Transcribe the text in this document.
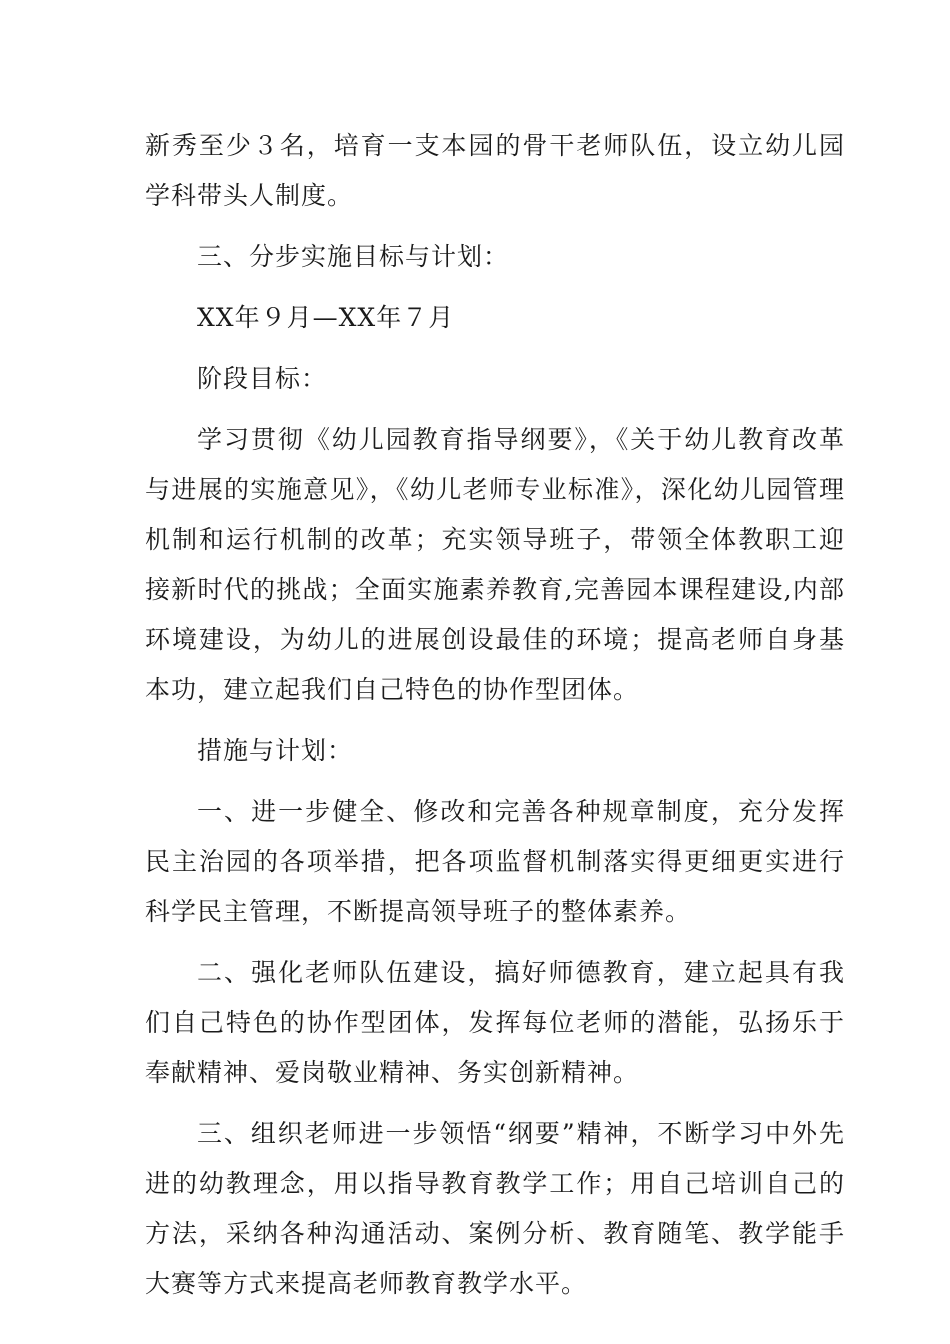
新秀至少３名，培育一支本园的骨干老师队伍，设立幼儿园学科带头人制度。

三、分步实施目标与计划：

XX年９月—XX年７月

阶段目标：

学习贯彻《幼儿园教育指导纲要》，《关于幼儿教育改革与进展的实施意见》，《幼儿老师专业标准》，深化幼儿园管理机制和运行机制的改革；充实领导班子，带领全体教职工迎接新时代的挑战；全面实施素养教育,完善园本课程建设,内部环境建设，为幼儿的进展创设最佳的环境；提高老师自身基本功，建立起我们自己特色的协作型团体。

措施与计划：

一、进一步健全、修改和完善各种规章制度，充分发挥民主治园的各项举措，把各项监督机制落实得更细更实进行科学民主管理，不断提高领导班子的整体素养。

二、强化老师队伍建设，搞好师德教育，建立起具有我们自己特色的协作型团体，发挥每位老师的潜能，弘扬乐于奉献精神、爱岗敬业精神、务实创新精神。

三、组织老师进一步领悟“纲要”精神，不断学习中外先进的幼教理念，用以指导教育教学工作；用自己培训自己的方法，采纳各种沟通活动、案例分析、教育随笔、教学能手大赛等方式来提高老师教育教学水平。
